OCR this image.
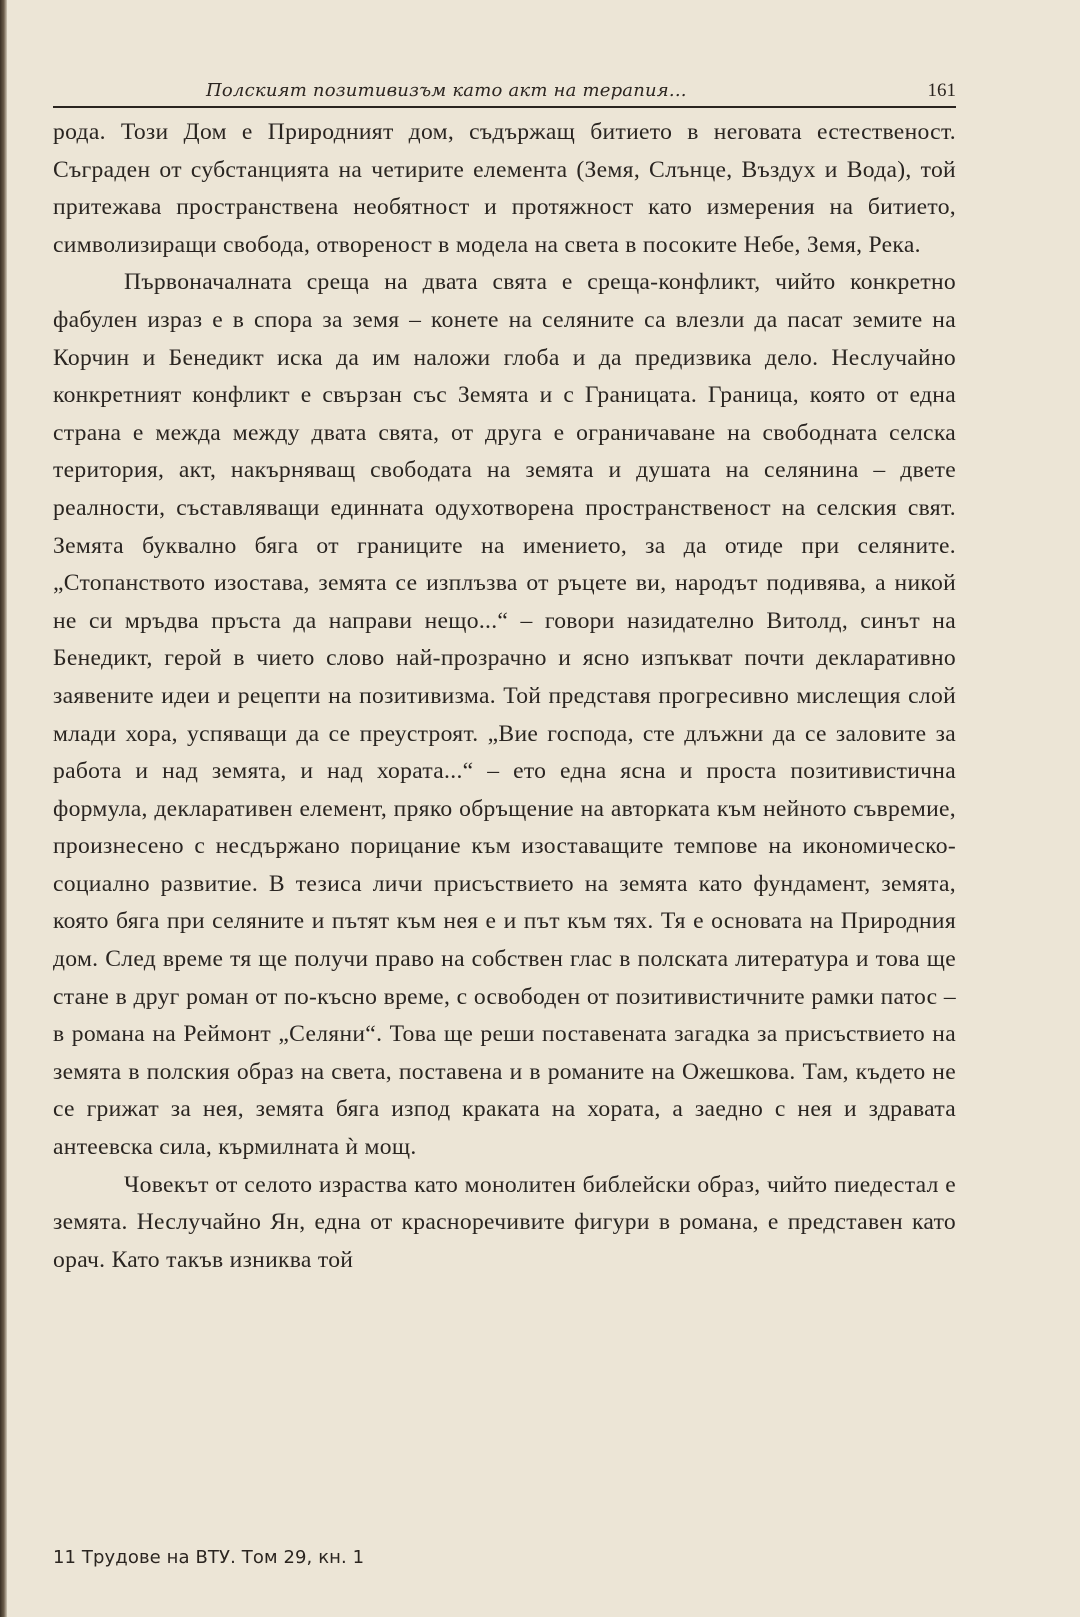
Полският позитивизъм като акт на терапия...	161

рода. Този Дом е Природният дом, съдържащ битието в неговата естественост. Съграден от субстанцията на четирите елемента (Земя, Слънце, Въздух и Вода), той притежава пространствена необятност и протяжност като измерения на битието, символизиращи свобода, отвореност в модела на света в посоките Небе, Земя, Река.

Първоначалната среща на двата свята е среща-конфликт, чийто конкретно фабулен израз е в спора за земя – конете на селяните са влезли да пасат земите на Корчин и Бенедикт иска да им наложи глоба и да предизвика дело. Неслучайно конкретният конфликт е свързан със Земята и с Границата. Граница, която от една страна е межда между двата свята, от друга е ограничаване на свободната селска територия, акт, накърняващ свободата на земята и душата на селянина – двете реалности, съставляващи единната одухотворена пространственост на селския свят. Земята буквално бяга от границите на имението, за да отиде при селяните. „Стопанството изостава, земята се изплъзва от ръцете ви, народът подивява, а никой не си мръдва пръста да направи нещо...“ – говори назидателно Витолд, синът на Бенедикт, герой в чието слово най-прозрачно и ясно изпъкват почти декларативно заявените идеи и рецепти на позитивизма. Той представя прогресивно мислещия слой млади хора, успяващи да се преустроят. „Вие господа, сте длъжни да се заловите за работа и над земята, и над хората...“ – ето една ясна и проста позитивистична формула, декларативен елемент, пряко обръщение на авторката към нейното съвремие, произнесено с несдържано порицание към изоставащите темпове на икономическо-социално развитие. В тезиса личи присъствието на земята като фундамент, земята, която бяга при селяните и пътят към нея е и път към тях. Тя е основата на Природния дом. След време тя ще получи право на собствен глас в полската литература и това ще стане в друг роман от по-късно време, с освободен от позитивистичните рамки патос – в романа на Реймонт „Селяни“. Това ще реши поставената загадка за присъствието на земята в полския образ на света, поставена и в романите на Ожешкова. Там, където не се грижат за нея, земята бяга изпод краката на хората, а заедно с нея и здравата антеевска сила, кърмилната ѝ мощ.

Човекът от селото израства като монолитен библейски образ, чийто пиедестал е земята. Неслучайно Ян, една от красноречивите фигури в романа, е представен като орач. Като такъв изниква той

11 Трудове на ВТУ. Том 29, кн. 1
